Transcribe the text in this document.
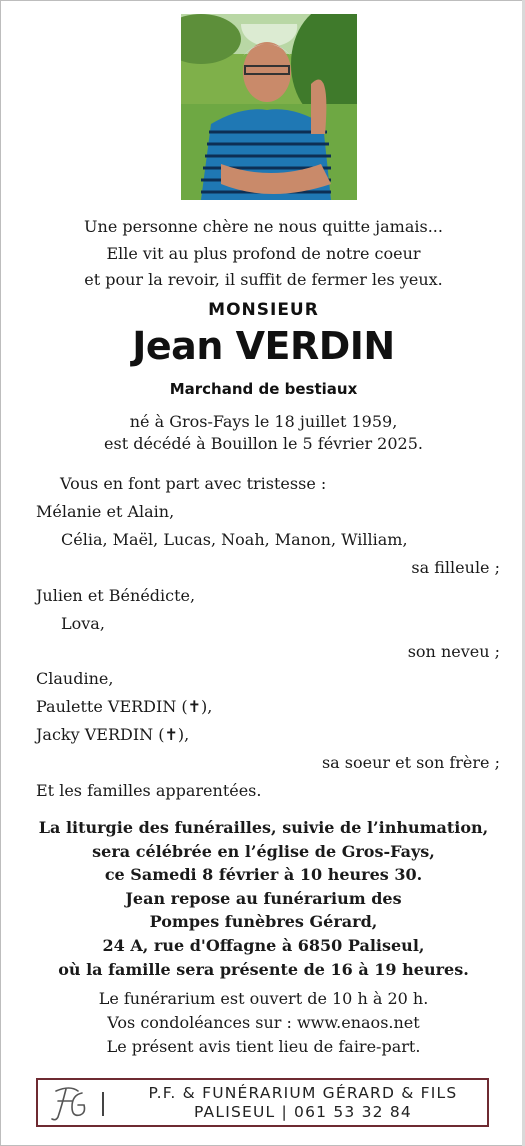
Une personne chère ne nous quitte jamais...
Elle vit au plus profond de notre coeur
et pour la revoir, il suffit de fermer les yeux.
MONSIEUR
Jean VERDIN
Marchand de bestiaux
né à Gros-Fays le 18 juillet 1959,
est décédé à Bouillon le 5 février 2025.
Vous en font part avec tristesse :
Mélanie et Alain,
Célia, Maël, Lucas, Noah, Manon, William,
sa filleule ;
Julien et Bénédicte,
Lova,
son neveu ;
Claudine,
Paulette VERDIN (✝),
Jacky VERDIN (✝),
sa soeur et son frère ;
Et les familles apparentées.
La liturgie des funérailles, suivie de l’inhumation,
sera célébrée en l’église de Gros-Fays,
ce Samedi 8 février à 10 heures 30.
Jean repose au funérarium des
Pompes funèbres Gérard,
24 A, rue d'Offagne à 6850 Paliseul,
où la famille sera présente de 16 à 19 heures.
Le funérarium est ouvert de 10 h à 20 h.
Vos condoléances sur : www.enaos.net
Le présent avis tient lieu de faire-part.
P.F. & FUNÉRARIUM GÉRARD & FILS
PALISEUL | 061 53 32 84
